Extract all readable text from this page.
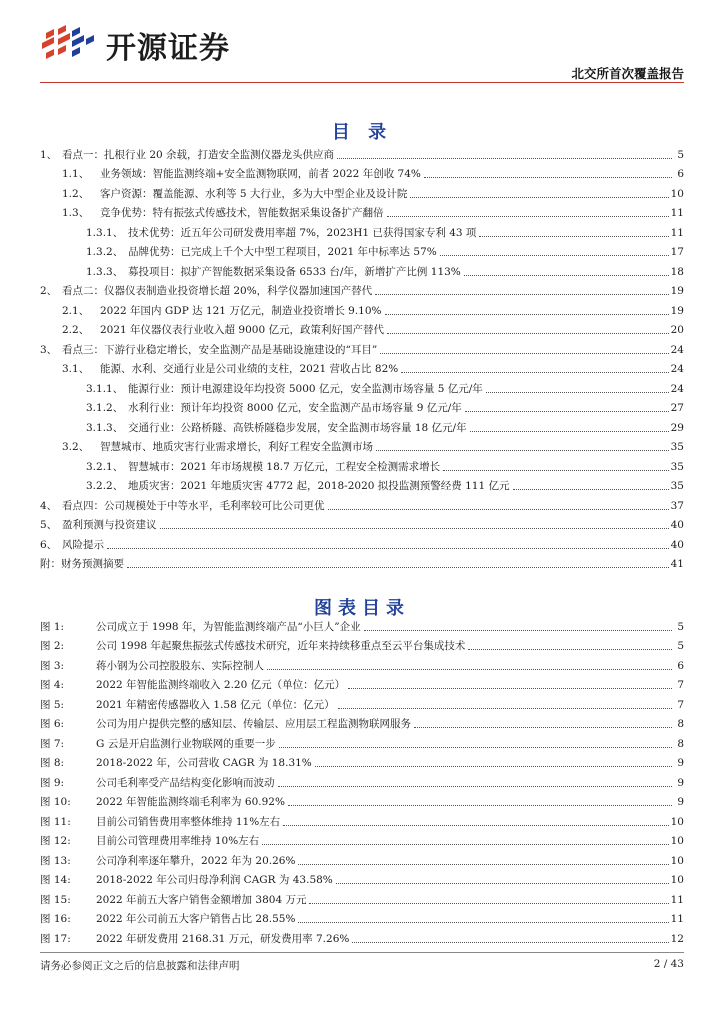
开源证券
北交所首次覆盖报告
目 录
1、 看点一：扎根行业 20 余载，打造安全监测仪器龙头供应商	5
1.1、	业务领域：智能监测终端+安全监测物联网，前者 2022 年创收 74%	6
1.2、	客户资源：覆盖能源、水利等 5 大行业，多为大中型企业及设计院	10
1.3、	竞争优势：特有振弦式传感技术，智能数据采集设备扩产翻倍	11
1.3.1、 技术优势：近五年公司研发费用率超 7%，2023H1 已获得国家专利 43 项	11
1.3.2、 品牌优势：已完成上千个大中型工程项目，2021 年中标率达 57%	17
1.3.3、 募投项目：拟扩产智能数据采集设备 6533 台/年，新增扩产比例 113%	18
2、 看点二：仪器仪表制造业投资增长超 20%，科学仪器加速国产替代	19
2.1、	2022 年国内 GDP 达 121 万亿元，制造业投资增长 9.10%	19
2.2、	2021 年仪器仪表行业收入超 9000 亿元，政策利好国产替代	20
3、 看点三：下游行业稳定增长，安全监测产品是基础设施建设的“耳目”	24
3.1、	能源、水利、交通行业是公司业绩的支柱，2021 营收占比 82%	24
3.1.1、 能源行业：预计电源建设年均投资 5000 亿元，安全监测市场容量 5 亿元/年	24
3.1.2、 水利行业：预计年均投资 8000 亿元，安全监测产品市场容量 9 亿元/年	27
3.1.3、 交通行业：公路桥隧、高铁桥隧稳步发展，安全监测市场容量 18 亿元/年	29
3.2、	智慧城市、地质灾害行业需求增长，利好工程安全监测市场	35
3.2.1、 智慧城市：2021 年市场规模 18.7 万亿元，工程安全检测需求增长	35
3.2.2、 地质灾害：2021 年地质灾害 4772 起，2018-2020 拟投监测预警经费 111 亿元	35
4、 看点四：公司规模处于中等水平，毛利率较可比公司更优	37
5、 盈利预测与投资建议	40
6、 风险提示	40
附：财务预测摘要	41
图表目录
图 1:	公司成立于 1998 年，为智能监测终端产品“小巨人”企业	5
图 2:	公司 1998 年起聚焦振弦式传感技术研究，近年来持续移重点至云平台集成技术	5
图 3:	蒋小钢为公司控股股东、实际控制人	6
图 4:	2022 年智能监测终端收入 2.20 亿元（单位：亿元）	7
图 5:	2021 年精密传感器收入 1.58 亿元（单位：亿元）	7
图 6:	公司为用户提供完整的感知层、传输层、应用层工程监测物联网服务	8
图 7:	G 云是开启监测行业物联网的重要一步	8
图 8:	2018-2022 年，公司营收 CAGR 为 18.31%	9
图 9:	公司毛利率受产品结构变化影响而波动	9
图 10:	2022 年智能监测终端毛利率为 60.92%	9
图 11:	目前公司销售费用率整体维持 11%左右	10
图 12:	目前公司管理费用率维持 10%左右	10
图 13:	公司净利率逐年攀升，2022 年为 20.26%	10
图 14:	2018-2022 年公司归母净利润 CAGR 为 43.58%	10
图 15:	2022 年前五大客户销售金额增加 3804 万元	11
图 16:	2022 年公司前五大客户销售占比 28.55%	11
图 17:	2022 年研发费用 2168.31 万元，研发费用率 7.26%	12
请务必参阅正文之后的信息披露和法律声明	2 / 43
